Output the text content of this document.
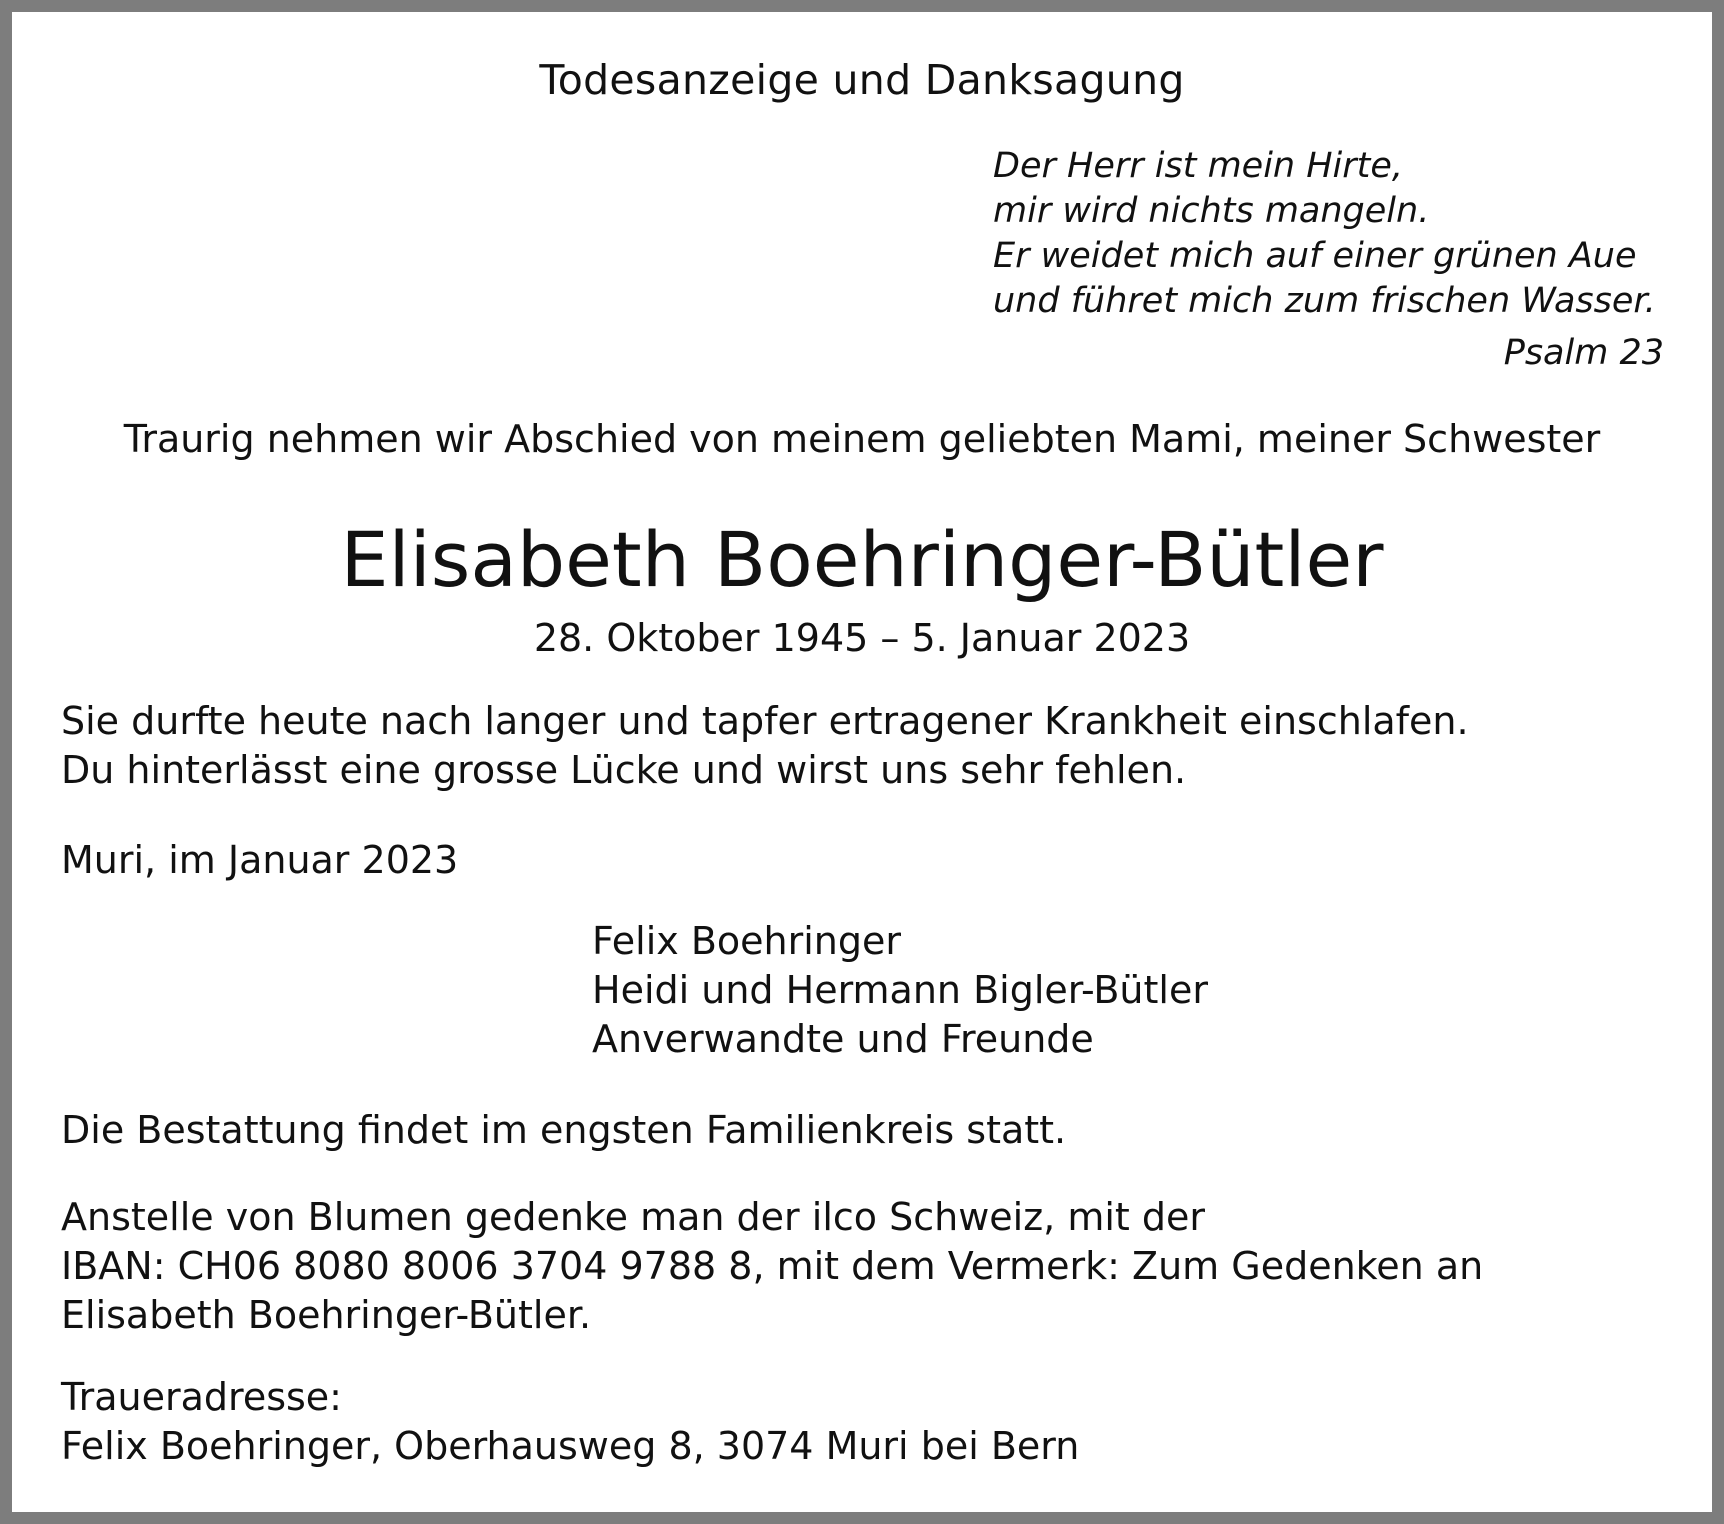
Todesanzeige und Danksagung
Der Herr ist mein Hirte,
mir wird nichts mangeln.
Er weidet mich auf einer grünen Aue
und führet mich zum frischen Wasser.
Psalm 23
Traurig nehmen wir Abschied von meinem geliebten Mami, meiner Schwester
Elisabeth Boehringer-Bütler
28. Oktober 1945 – 5. Januar 2023
Sie durfte heute nach langer und tapfer ertragener Krankheit einschlafen.
Du hinterlässt eine grosse Lücke und wirst uns sehr fehlen.
Muri, im Januar 2023
Felix Boehringer
Heidi und Hermann Bigler-Bütler
Anverwandte und Freunde
Die Bestattung findet im engsten Familienkreis statt.
Anstelle von Blumen gedenke man der ilco Schweiz, mit der
IBAN: CH06 8080 8006 3704 9788 8, mit dem Vermerk: Zum Gedenken an
Elisabeth Boehringer-Bütler.
Traueradresse:
Felix Boehringer, Oberhausweg 8, 3074 Muri bei Bern
